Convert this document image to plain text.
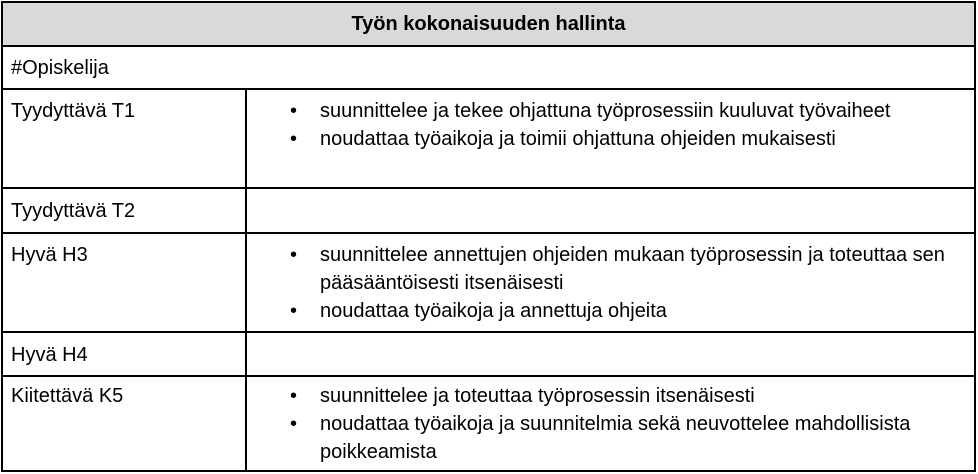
Työn kokonaisuuden hallinta
#Opiskelija
Tyydyttävä T1	• suunnittelee ja tekee ohjattuna työprosessiin kuuluvat työvaiheet
• noudattaa työaikoja ja toimii ohjattuna ohjeiden mukaisesti
Tyydyttävä T2
Hyvä H3	• suunnittelee annettujen ohjeiden mukaan työprosessin ja toteuttaa sen pääsääntöisesti itsenäisesti
• noudattaa työaikoja ja annettuja ohjeita
Hyvä H4
Kiitettävä K5	• suunnittelee ja toteuttaa työprosessin itsenäisesti
• noudattaa työaikoja ja suunnitelmia sekä neuvottelee mahdollisista poikkeamista
